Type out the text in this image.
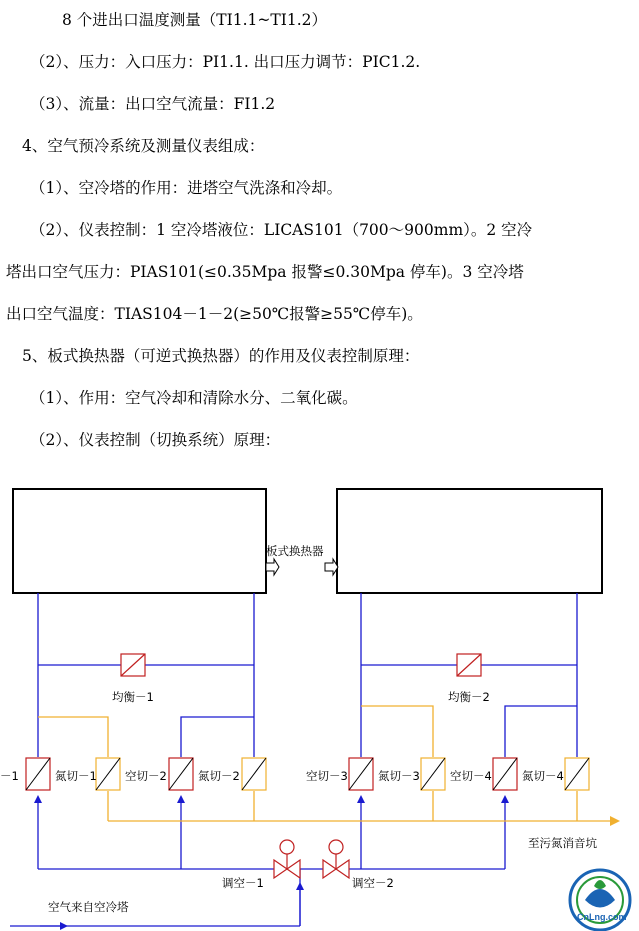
8 个进出口温度测量（TI1.1~TI1.2）
（2）、压力：入口压力：PI1.1. 出口压力调节：PIC1.2.
（3）、流量：出口空气流量：FI1.2
4、空气预冷系统及测量仪表组成：
（1）、空冷塔的作用：进塔空气洗涤和冷却。
（2）、仪表控制：1 空冷塔液位：LICAS101（700～900mm）。2 空冷
塔出口空气压力：PIAS101(≤0.35Mpa 报警≤0.30Mpa 停车)。3 空冷塔
出口空气温度：TIAS104－1－2(≥50℃报警≥55℃停车)。
5、板式换热器（可逆式换热器）的作用及仪表控制原理：
（1）、作用：空气冷却和清除水分、二氧化碳。
（2）、仪表控制（切换系统）原理：
板式换热器
均衡－1	均衡－2
－1	氮切－1 空切－2	氮切－2	空切－3	氮切－3	空切－4	氮切－4
调空－1	调空－2
至污氮消音坑
空气来自空冷塔
CnLng.com
